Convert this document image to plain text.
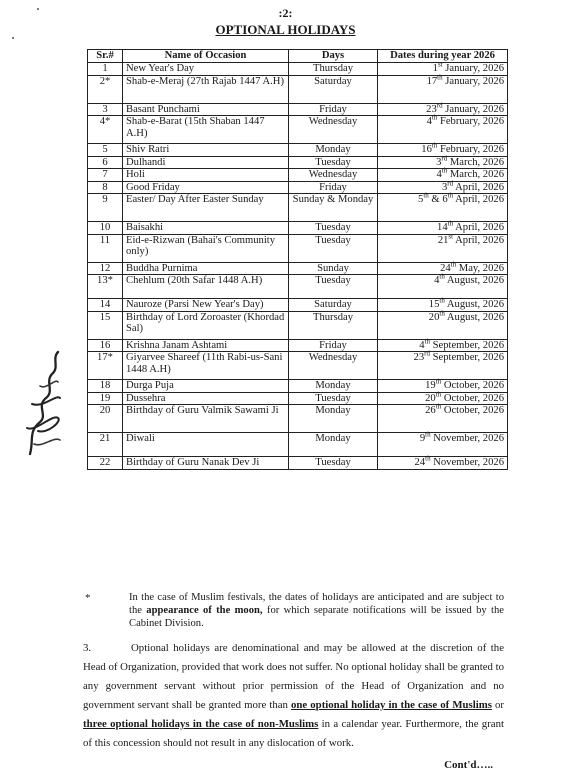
:2:
OPTIONAL HOLIDAYS
Sr.#	Name of Occasion	Days	Dates during year 2026
1	New Year's Day	Thursday	1st January, 2026
2*	Shab-e-Meraj (27th Rajab 1447 A.H)	Saturday	17th January, 2026
3	Basant Punchami	Friday	23rd January, 2026
4*	Shab-e-Barat (15th Shaban 1447 A.H)	Wednesday	4th February, 2026
5	Shiv Ratri	Monday	16th February, 2026
6	Dulhandi	Tuesday	3rd March, 2026
7	Holi	Wednesday	4th March, 2026
8	Good Friday	Friday	3rd April, 2026
9	Easter/ Day After Easter Sunday	Sunday & Monday	5th & 6th April, 2026
10	Baisakhi	Tuesday	14th April, 2026
11	Eid-e-Rizwan (Bahai's Community only)	Tuesday	21st April, 2026
12	Buddha Purnima	Sunday	24th May, 2026
13*	Chehlum (20th Safar 1448 A.H)	Tuesday	4th August, 2026
14	Nauroze (Parsi New Year's Day)	Saturday	15th August, 2026
15	Birthday of Lord Zoroaster (Khordad Sal)	Thursday	20th August, 2026
16	Krishna Janam Ashtami	Friday	4th September, 2026
17*	Giyarvee Shareef (11th Rabi-us-Sani 1448 A.H)	Wednesday	23rd September, 2026
18	Durga Puja	Monday	19th October, 2026
19	Dussehra	Tuesday	20th October, 2026
20	Birthday of Guru Valmik Sawami Ji	Monday	26th October, 2026
21	Diwali	Monday	9th November, 2026
22	Birthday of Guru Nanak Dev Ji	Tuesday	24th November, 2026
*	In the case of Muslim festivals, the dates of holidays are anticipated and are subject to the appearance of the moon, for which separate notifications will be issued by the Cabinet Division.
3.	Optional holidays are denominational and may be allowed at the discretion of the Head of Organization, provided that work does not suffer. No optional holiday shall be granted to any government servant without prior permission of the Head of Organization and no government servant shall be granted more than one optional holiday in the case of Muslims or three optional holidays in the case of non-Muslims in a calendar year. Furthermore, the grant of this concession should not result in any dislocation of work.
Cont'd…..
